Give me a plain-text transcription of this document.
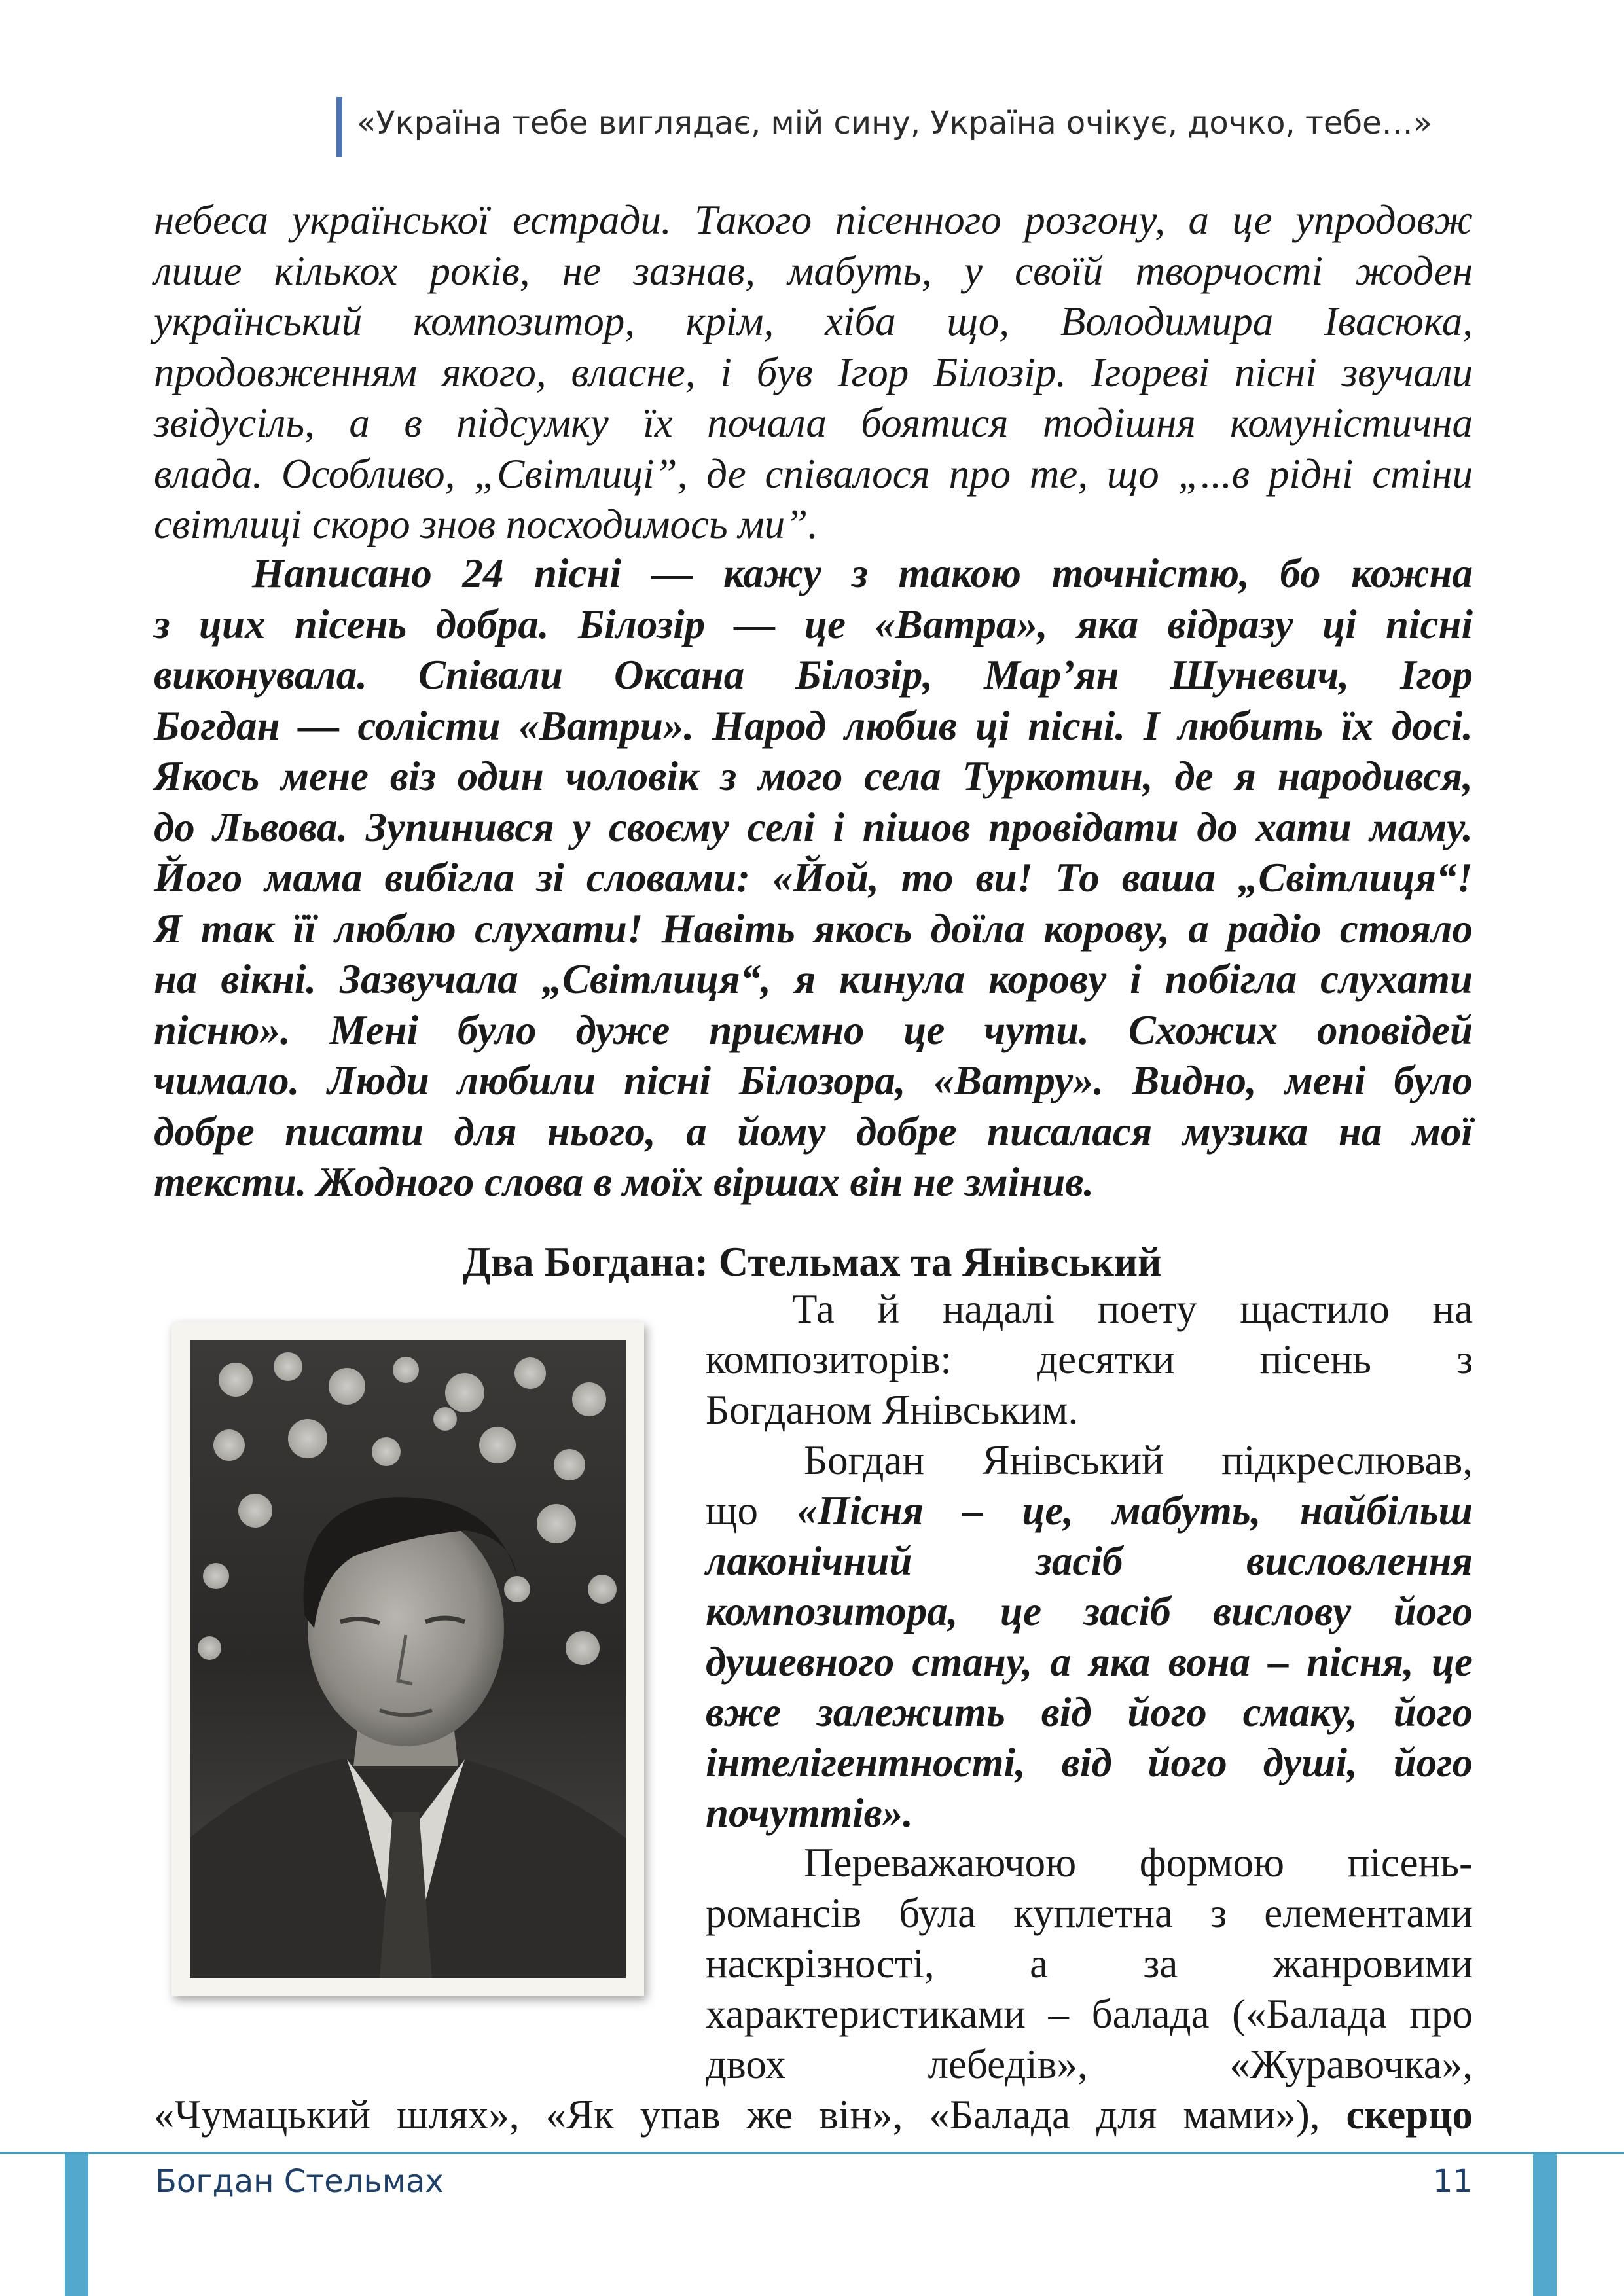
«Україна тебе виглядає, мій сину, Україна очікує, дочко, тебе…»
небеса української естради. Такого пісенного розгону, а це упродовж
лише кількох років, не зазнав, мабуть, у своїй творчості жоден
український композитор, крім, хіба що, Володимира Івасюка,
продовженням якого, власне, і був Ігор Білозір. Ігореві пісні звучали
звідусіль, а в підсумку їх почала боятися тодішня комуністична
влада. Особливо, „Світлиці”, де співалося про те, що „...в рідні стіни
світлиці скоро знов посходимось ми”.
Написано 24 пісні — кажу з такою точністю, бо кожна
з цих пісень добра. Білозір — це «Ватра», яка відразу ці пісні
виконувала. Співали Оксана Білозір, Мар’ян Шуневич, Ігор
Богдан — солісти «Ватри». Народ любив ці пісні. І любить їх досі.
Якось мене віз один чоловік з мого села Туркотин, де я народився,
до Львова. Зупинився у своєму селі і пішов провідати до хати маму.
Його мама вибігла зі словами: «Йой, то ви! То ваша „Світлиця“!
Я так її люблю слухати! Навіть якось доїла корову, а радіо стояло
на вікні. Зазвучала „Світлиця“, я кинула корову і побігла слухати
пісню». Мені було дуже приємно це чути. Схожих оповідей
чимало. Люди любили пісні Білозора, «Ватру». Видно, мені було
добре писати для нього, а йому добре писалася музика на мої
тексти. Жодного слова в моїх віршах він не змінив.
Два Богдана: Стельмах та Янівський
Та й надалі поету щастило на
композиторів: десятки пісень з
Богданом Янівським.
Богдан Янівський підкреслював,
що «Пісня – це, мабуть, найбільш
лаконічний засіб висловлення
композитора, це засіб вислову його
душевного стану, а яка вона – пісня, це
вже залежить від його смаку, його
інтелігентності, від його душі, його
почуттів».
Переважаючою формою пісень-
романсів була куплетна з елементами
наскрізності, а за жанровими
характеристиками – балада («Балада про
двох лебедів», «Журавочка»,
«Чумацький шлях», «Як упав же він», «Балада для мами»), скерцо
Богдан Стельмах	11
